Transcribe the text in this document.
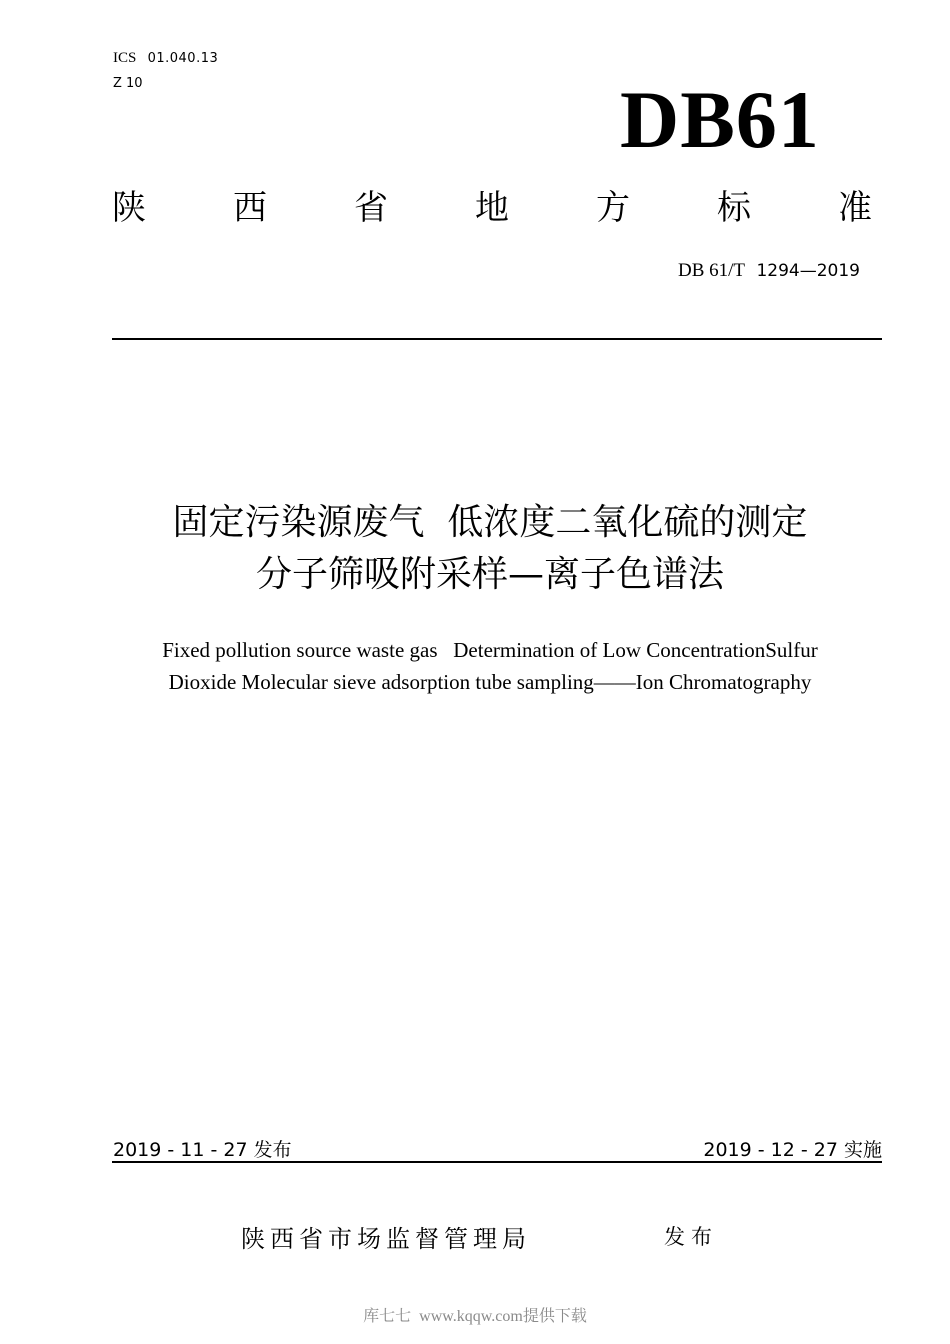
ICS 01.040.13
Z 10	DB61
陕	西	省	地	方	标	准
DB 61/T 1294—2019
固定污染源废气  低浓度二氧化硫的测定
分子筛吸附采样—离子色谱法
Fixed pollution source waste gas   Determination of Low ConcentrationSulfur
Dioxide Molecular sieve adsorption tube sampling——Ion Chromatography
2019 - 11 - 27 发布	2019 - 12 - 27 实施
陕西省市场监督管理局	发布
库七七  www.kqqw.com提供下载
